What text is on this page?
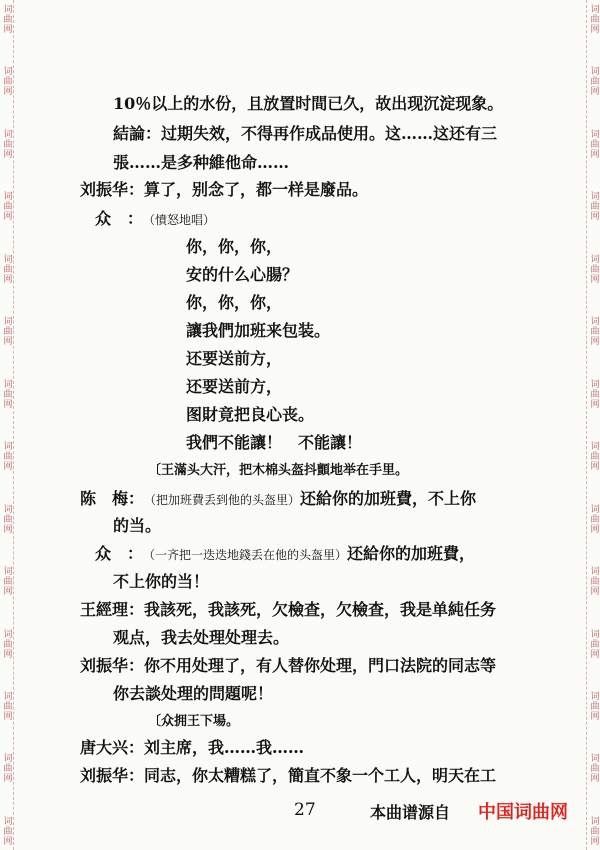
词曲网
词曲网
词曲网
词曲网
词曲网
词曲网
词曲网
词曲网
词曲网
词曲网
词曲网
词曲网
词曲网
词曲网
词曲网
词曲网
词曲网
词曲网
词曲网
词曲网
词曲网
词曲网
词曲网
词曲网
词曲网
词曲网
词曲网
词曲网
10％以上的水份，且放置时間已久，故出现沉淀现象。
結論：过期失效，不得再作成品使用。这……这还有三
張……是多种維他命……
刘振华：算了，别念了，都一样是廢品。
众　：（憤怒地唱）
你，你，你，
安的什么心腸？
你，你，你，
讓我們加班来包装。
还要送前方，
还要送前方，
图財竟把良心丧。
我們不能讓！　不能讓！
〔王滿头大汗，把木棉头盔抖顫地举在手里。
陈　梅：（把加班費丢到他的头盔里）还給你的加班費，不上你
的当。
众　：（一齐把一迭迭地錢丢在他的头盔里）还給你的加班費，
不上你的当！
王經理：我該死，我該死，欠檢查，欠檢查，我是单純任务
观点，我去处理处理去。
刘振华：你不用处理了，有人替你处理，門口法院的同志等
你去談处理的問題呢！
〔众拥王下場。
唐大兴：刘主席，我……我……
刘振华：同志，你太糟糕了，簡直不象一个工人，明天在工
27	本曲谱源自 中国词曲网
